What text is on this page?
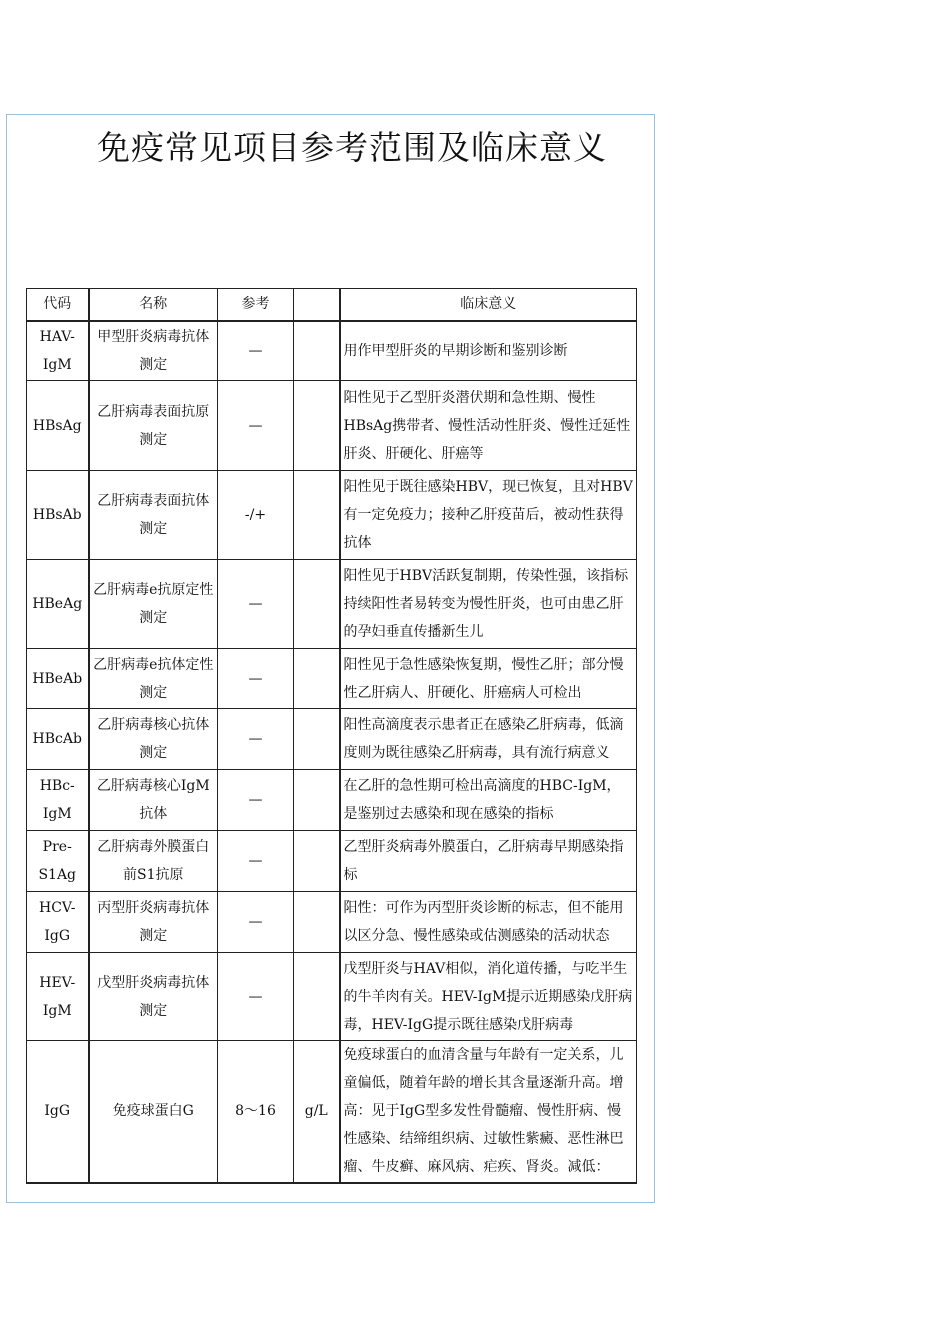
免疫常见项目参考范围及临床意义
代码	名称	参考		临床意义
HAV-IgM	甲型肝炎病毒抗体测定	—		用作甲型肝炎的早期诊断和鉴别诊断
HBsAg	乙肝病毒表面抗原测定	—		阳性见于乙型肝炎潜伏期和急性期、慢性HBsAg携带者、慢性活动性肝炎、慢性迁延性肝炎、肝硬化、肝癌等
HBsAb	乙肝病毒表面抗体测定	-/+		阳性见于既往感染HBV，现已恢复，且对HBV有一定免疫力；接种乙肝疫苗后，被动性获得抗体
HBeAg	乙肝病毒e抗原定性测定	—		阳性见于HBV活跃复制期，传染性强，该指标持续阳性者易转变为慢性肝炎，也可由患乙肝的孕妇垂直传播新生儿
HBeAb	乙肝病毒e抗体定性测定	—		阳性见于急性感染恢复期，慢性乙肝；部分慢性乙肝病人、肝硬化、肝癌病人可检出
HBcAb	乙肝病毒核心抗体测定	—		阳性高滴度表示患者正在感染乙肝病毒，低滴度则为既往感染乙肝病毒，具有流行病意义
HBc-IgM	乙肝病毒核心IgM抗体	—		在乙肝的急性期可检出高滴度的HBC-IgM，是鉴别过去感染和现在感染的指标
Pre-S1Ag	乙肝病毒外膜蛋白前S1抗原	—		乙型肝炎病毒外膜蛋白，乙肝病毒早期感染指标
HCV-IgG	丙型肝炎病毒抗体测定	—		阳性：可作为丙型肝炎诊断的标志，但不能用以区分急、慢性感染或估测感染的活动状态
HEV-IgM	戊型肝炎病毒抗体测定	—		戊型肝炎与HAV相似，消化道传播，与吃半生的牛羊肉有关。HEV-IgM提示近期感染戊肝病毒，HEV-IgG提示既往感染戊肝病毒
IgG	免疫球蛋白G	8～16	g/L	免疫球蛋白的血清含量与年龄有一定关系，儿童偏低，随着年龄的增长其含量逐渐升高。增高：见于IgG型多发性骨髓瘤、慢性肝病、慢性感染、结缔组织病、过敏性紫癜、恶性淋巴瘤、牛皮癣、麻风病、疟疾、肾炎。减低：
